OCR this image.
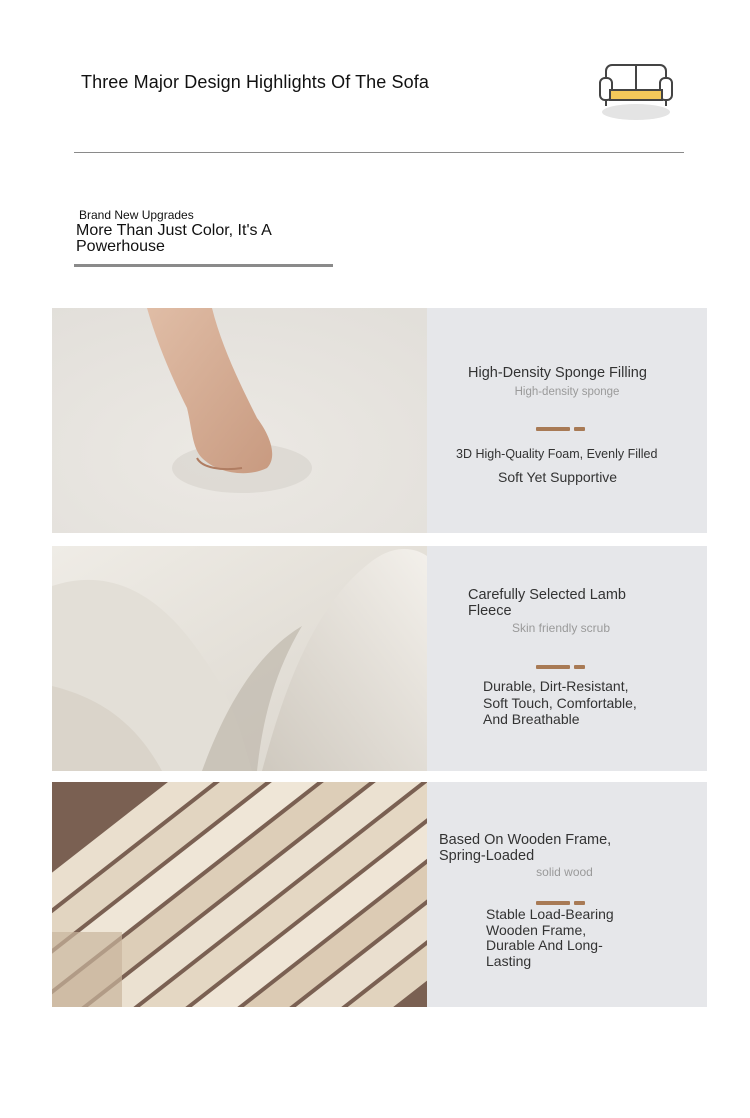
Three Major Design Highlights Of The Sofa
Brand New Upgrades
More Than Just Color, It's A Powerhouse
High-Density Sponge Filling
High-density sponge
3D High-Quality Foam, Evenly Filled
Soft Yet Supportive
Carefully Selected Lamb Fleece
Skin friendly scrub
Durable, Dirt-Resistant, Soft Touch, Comfortable, And Breathable
Based On Wooden Frame, Spring-Loaded
solid wood
Stable Load-Bearing Wooden Frame, Durable And Long-Lasting
